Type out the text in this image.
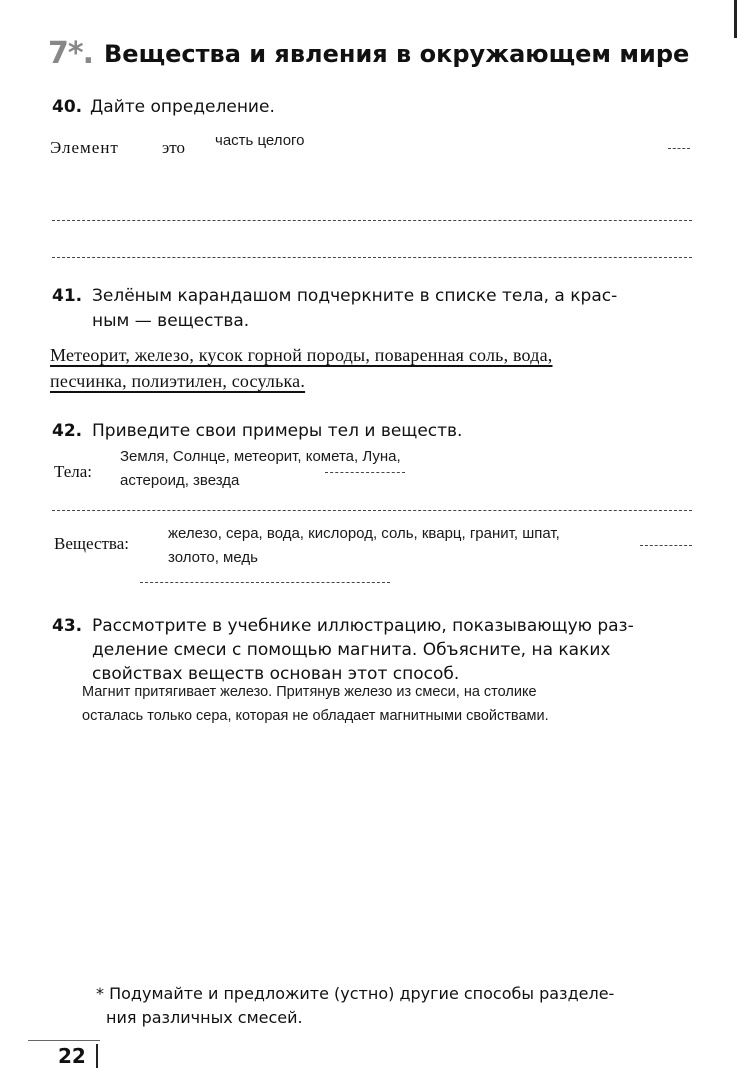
7*. Вещества и явления в окружающем мире
40. Дайте определение.
Элемент	это часть целого
41. Зелёным карандашом подчеркните в списке тела, а крас-
ным — вещества.
Метеорит, железо, кусок горной породы, поваренная соль, вода,
песчинка, полиэтилен, сосулька.
42. Приведите свои примеры тел и веществ.
Тела:
Земля, Солнце, метеорит, комета, Луна,
астероид, звезда
Вещества:
железо, сера, вода, кислород, соль, кварц, гранит, шпат,
золото, медь
43. Рассмотрите в учебнике иллюстрацию, показывающую раз-
деление смеси с помощью магнита. Объясните, на каких
свойствах веществ основан этот способ.
Магнит притягивает железо. Притянув железо из смеси, на столике
осталась только сера, которая не обладает магнитными свойствами.
* Подумайте и предложите (устно) другие способы разделе-
ния различных смесей.
22
